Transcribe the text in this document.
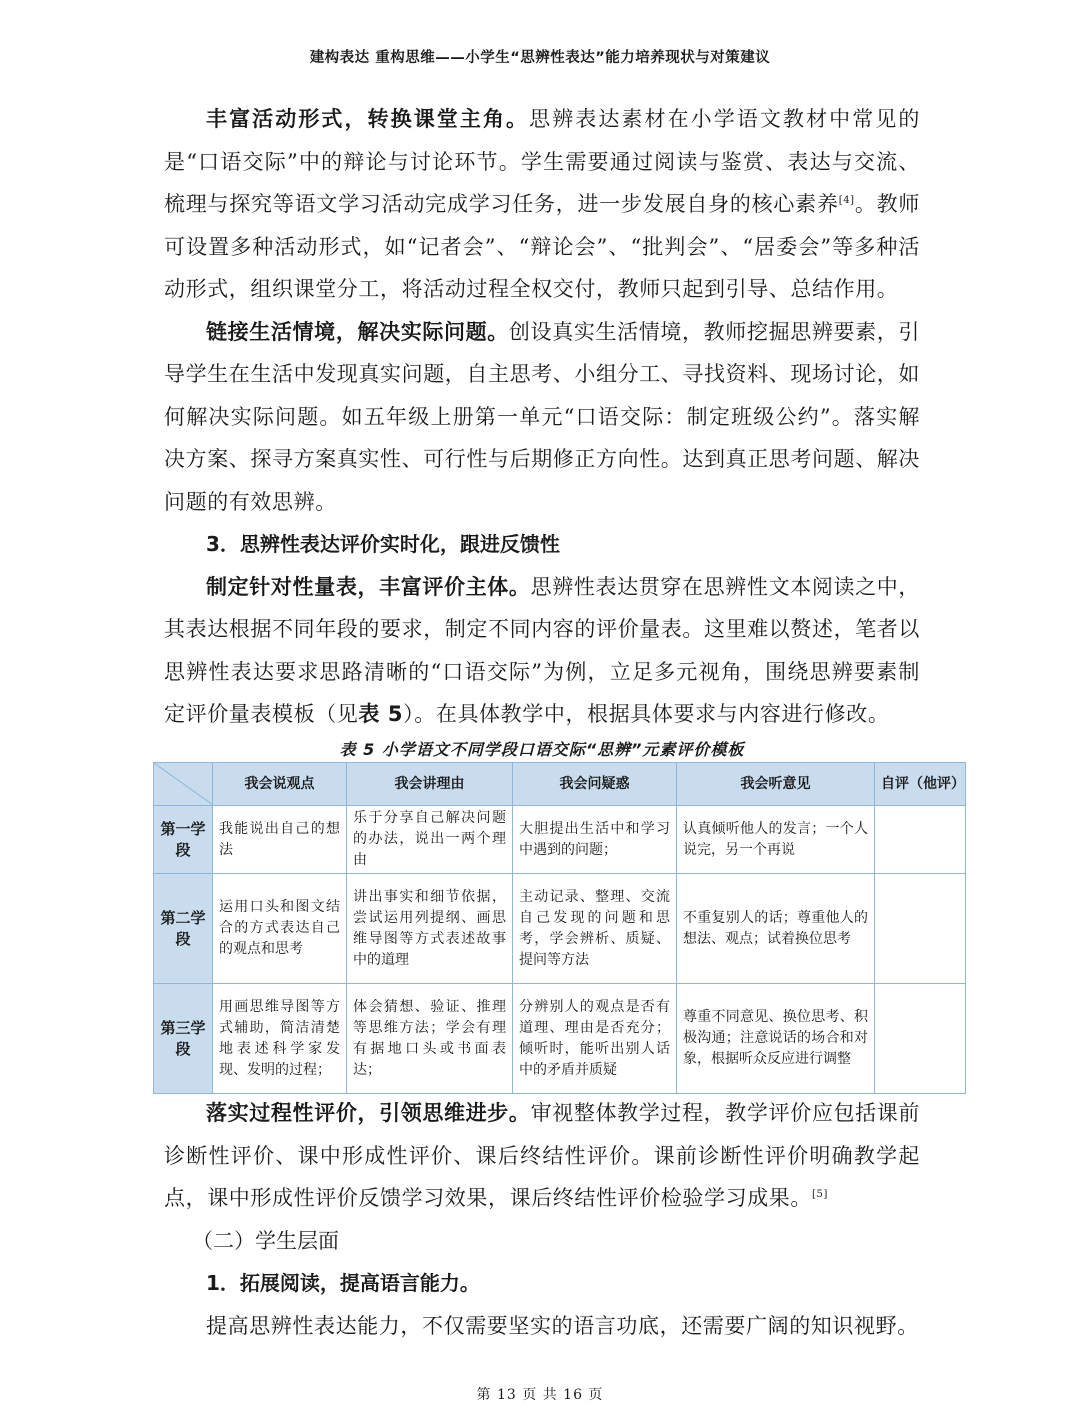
建构表达 重构思维——小学生“思辨性表达”能力培养现状与对策建议

丰富活动形式，转换课堂主角。思辨表达素材在小学语文教材中常见的是“口语交际”中的辩论与讨论环节。学生需要通过阅读与鉴赏、表达与交流、梳理与探究等语文学习活动完成学习任务，进一步发展自身的核心素养[4]。教师可设置多种活动形式，如“记者会”、“辩论会”、“批判会”、“居委会”等多种活动形式，组织课堂分工，将活动过程全权交付，教师只起到引导、总结作用。

链接生活情境，解决实际问题。创设真实生活情境，教师挖掘思辨要素，引导学生在生活中发现真实问题，自主思考、小组分工、寻找资料、现场讨论，如何解决实际问题。如五年级上册第一单元“口语交际：制定班级公约”。落实解决方案、探寻方案真实性、可行性与后期修正方向性。达到真正思考问题、解决问题的有效思辨。

3．思辨性表达评价实时化，跟进反馈性

制定针对性量表，丰富评价主体。思辨性表达贯穿在思辨性文本阅读之中，其表达根据不同年段的要求，制定不同内容的评价量表。这里难以赘述，笔者以思辨性表达要求思路清晰的“口语交际”为例，立足多元视角，围绕思辨要素制定评价量表模板（见表 5）。在具体教学中，根据具体要求与内容进行修改。

表 5 小学语文不同学段口语交际“思辨”元素评价模板
	我会说观点	我会讲理由	我会问疑惑	我会听意见	自评（他评）
第一学段	我能说出自己的想法	乐于分享自己解决问题的办法，说出一两个理由	大胆提出生活中和学习中遇到的问题；	认真倾听他人的发言；一个人说完，另一个再说	
第二学段	运用口头和图文结合的方式表达自己的观点和思考	讲出事实和细节依据，尝试运用列提纲、画思维导图等方式表述故事中的道理	主动记录、整理、交流自己发现的问题和思考，学会辨析、质疑、提问等方法	不重复别人的话；尊重他人的想法、观点；试着换位思考	
第三学段	用画思维导图等方式辅助，简洁清楚地表述科学家发现、发明的过程；	体会猜想、验证、推理等思维方法；学会有理有据地口头或书面表达；	分辨别人的观点是否有道理、理由是否充分；倾听时，能听出别人话中的矛盾并质疑	尊重不同意见、换位思考、积极沟通；注意说话的场合和对象，根据听众反应进行调整	

落实过程性评价，引领思维进步。审视整体教学过程，教学评价应包括课前诊断性评价、课中形成性评价、课后终结性评价。课前诊断性评价明确教学起点，课中形成性评价反馈学习效果，课后终结性评价检验学习成果。[5]

（二）学生层面
1．拓展阅读，提高语言能力。

提高思辨性表达能力，不仅需要坚实的语言功底，还需要广阔的知识视野。

第 13 页 共 16 页
